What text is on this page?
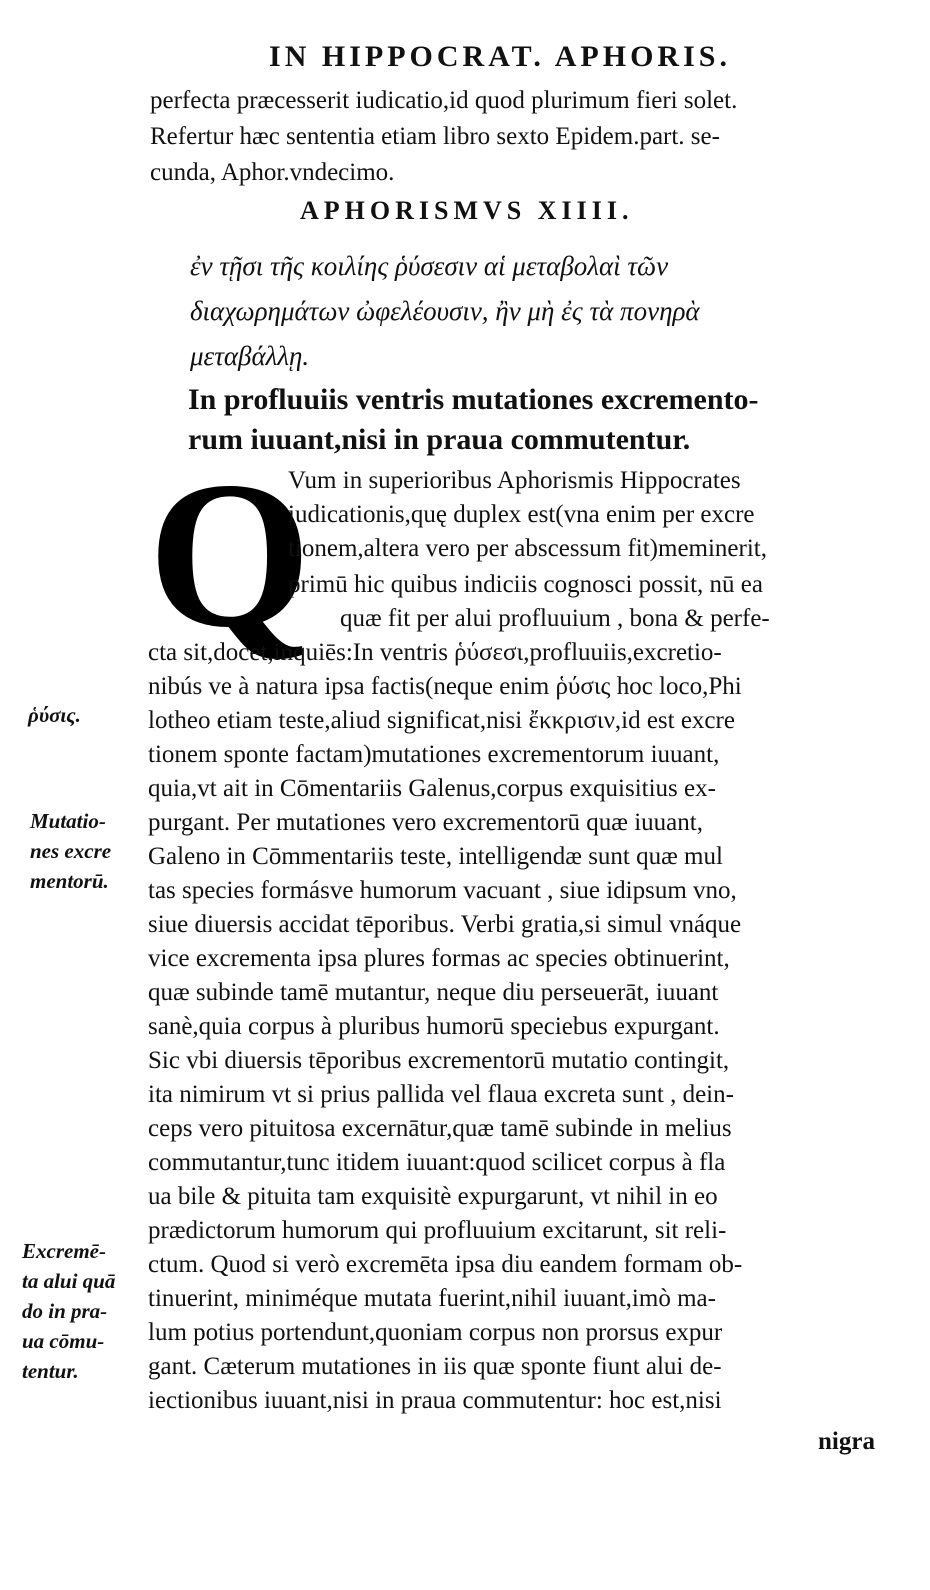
IN HIPPOCRAT. APHORIS.
perfecta præcesserit iudicatio,id quod plurimum fieri solet.
Refertur hæc sententia etiam libro sexto Epidem.part. se-
cunda, Aphor.vndecimo.
APHORISMVS XIIII.
ἐν τῇσι τῆς κοιλίης ῥύσεσιν αἱ μεταβολαὶ τῶν
διαχωρημάτων ὠφελέουσιν, ἢν μὴ ἐς τὰ πονηρὰ
μεταβάλλῃ.
In profluuiis ventris mutationes excremento-
rum iuuant,nisi in praua commutentur.
Q
Vum in superioribus Aphorismis Hippocrates
iudicationis,quę duplex est(vna enim per excre
tionem,altera vero per abscessum fit)meminerit,
primū hic quibus indiciis cognosci possit, nū ea
quæ fit per alui profluuium , bona & perfe-
cta sit,docet,inquiēs:In ventris ῥύσεσι,profluuiis,excretio-
nibús ve à natura ipsa factis(neque enim ῥύσις hoc loco,Phi
lotheo etiam teste,aliud significat,nisi ἔκκρισιν,id est excre
tionem sponte factam)mutationes excrementorum iuuant,
quia,vt ait in Cōmentariis Galenus,corpus exquisitius ex-
purgant. Per mutationes vero excrementorū quæ iuuant,
Galeno in Cōmmentariis teste, intelligendæ sunt quæ mul
tas species formásve humorum vacuant , siue idipsum vno,
siue diuersis accidat tēporibus. Verbi gratia,si simul vnáque
vice excrementa ipsa plures formas ac species obtinuerint,
quæ subinde tamē mutantur, neque diu perseuerāt, iuuant
sanè,quia corpus à pluribus humorū speciebus expurgant.
Sic vbi diuersis tēporibus excrementorū mutatio contingit,
ita nimirum vt si prius pallida vel flaua excreta sunt , dein-
ceps vero pituitosa excernātur,quæ tamē subinde in melius
commutantur,tunc itidem iuuant:quod scilicet corpus à fla
ua bile & pituita tam exquisitè expurgarunt, vt nihil in eo
prædictorum humorum qui profluuium excitarunt, sit reli-
ctum. Quod si verò excremēta ipsa diu eandem formam ob-
tinuerint, miniméque mutata fuerint,nihil iuuant,imò ma-
lum potius portendunt,quoniam corpus non prorsus expur
gant. Cæterum mutationes in iis quæ sponte fiunt alui de-
iectionibus iuuant,nisi in praua commutentur: hoc est,nisi
ῥύσις.
Mutatio-
nes excre
mentorū.
Excremē-
ta alui quā
do in pra-
ua cōmu-
tentur.
nigra
